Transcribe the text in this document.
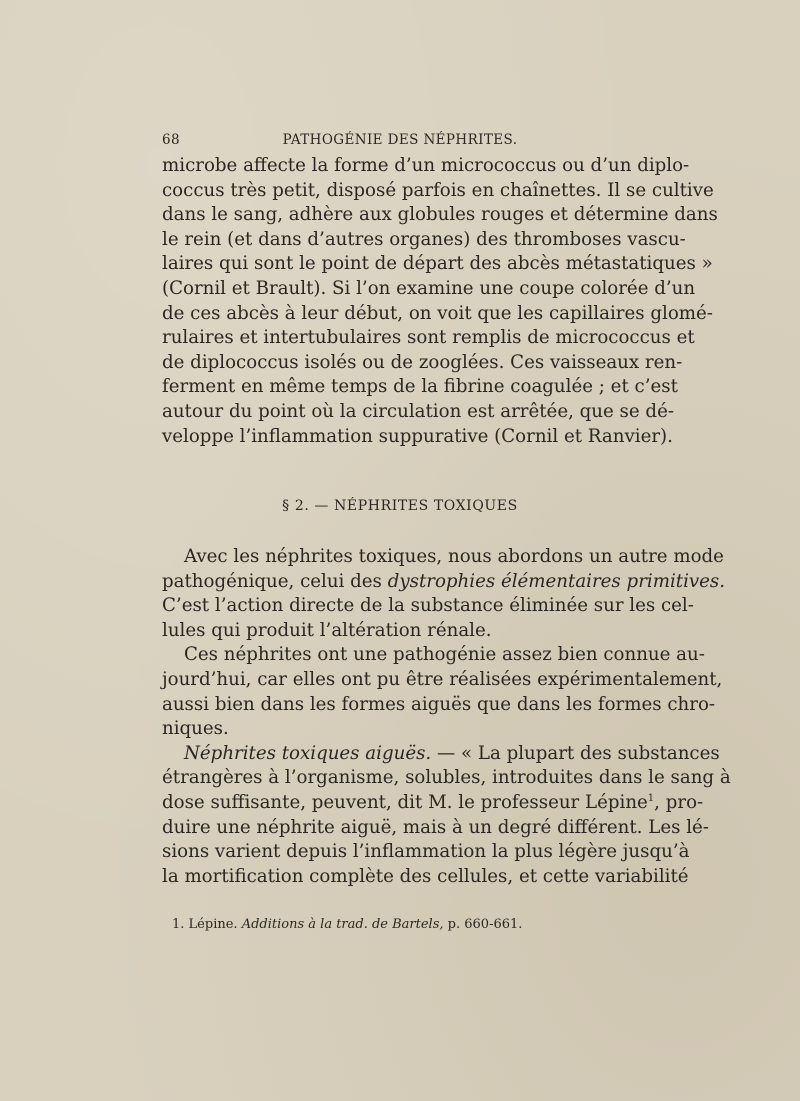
68	PATHOGÉNIE DES NÉPHRITES.
microbe affecte la forme d’un micrococcus ou d’un diplo-
coccus très petit, disposé parfois en chaînettes. Il se cultive
dans le sang, adhère aux globules rouges et détermine dans
le rein (et dans d’autres organes) des thromboses vascu-
laires qui sont le point de départ des abcès métastatiques »
(Cornil et Brault). Si l’on examine une coupe colorée d’un
de ces abcès à leur début, on voit que les capillaires glomé-
rulaires et intertubulaires sont remplis de micrococcus et
de diplococcus isolés ou de zooglées. Ces vaisseaux ren-
ferment en même temps de la fibrine coagulée ; et c’est
autour du point où la circulation est arrêtée, que se dé-
veloppe l’inflammation suppurative (Cornil et Ranvier).
§ 2. — NÉPHRITES TOXIQUES
Avec les néphrites toxiques, nous abordons un autre mode
pathogénique, celui des dystrophies élémentaires primitives.
C’est l’action directe de la substance éliminée sur les cel-
lules qui produit l’altération rénale.
Ces néphrites ont une pathogénie assez bien connue au-
jourd’hui, car elles ont pu être réalisées expérimentalement,
aussi bien dans les formes aiguës que dans les formes chro-
niques.
Néphrites toxiques aiguës. — « La plupart des substances
étrangères à l’organisme, solubles, introduites dans le sang à
dose suffisante, peuvent, dit M. le professeur Lépine$^1$, pro-
duire une néphrite aiguë, mais à un degré différent. Les lé-
sions varient depuis l’inflammation la plus légère jusqu’à
la mortification complète des cellules, et cette variabilité
1. Lépine. Additions à la trad. de Bartels, p. 660-661.
